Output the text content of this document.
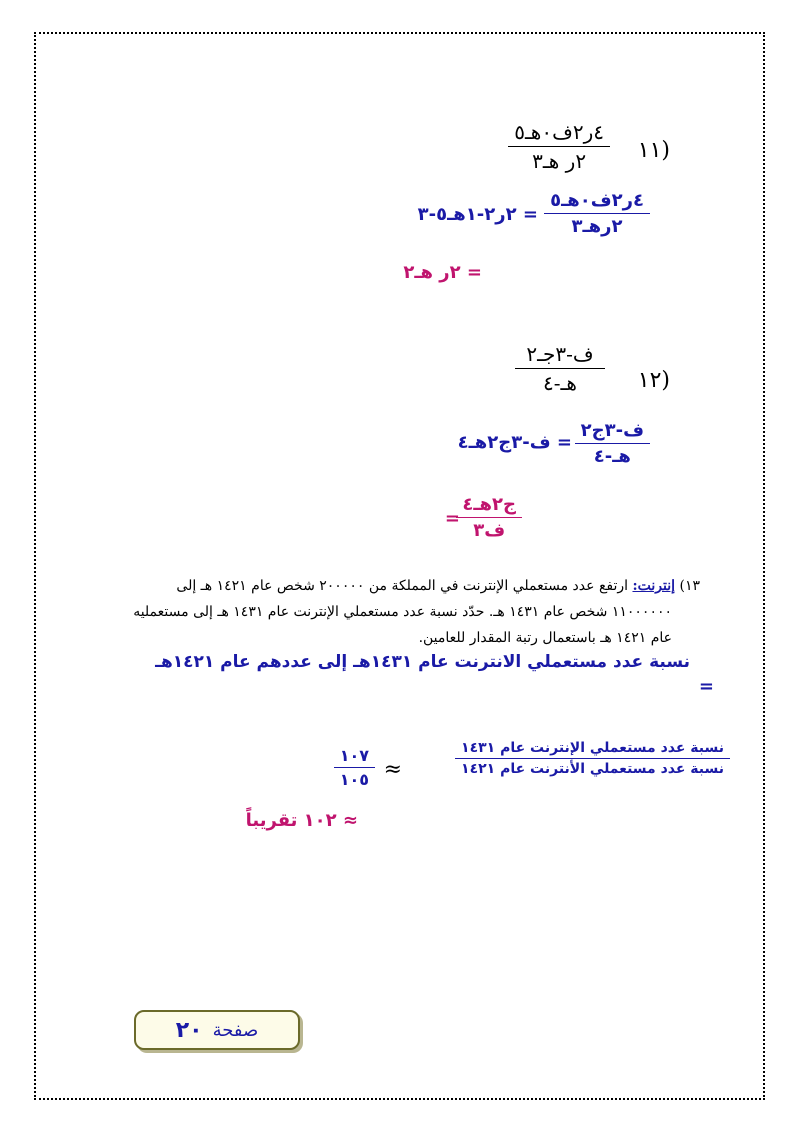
(١١
٤ر٢ف٠هـ٥
٢ر هـ٣
٤ر٢ف٠هـ٥
٢رهـ٣
= ٢ر٢-١هـ٥-٣
= ٢ر هـ٢
(١٢
ف-٣جـ٢
هـ-٤
ف-٣ج٢
هـ-٤
= ف-٣ج٢هـ٤
ج٢هـ٤
ف٣
=
١٣) إنترنت: ارتفع عدد مستعملي الإنترنت في المملكة من ٢٠٠٠٠٠ شخص عام ١٤٢١ هـ إلى
١١٠٠٠٠٠٠ شخص عام ١٤٣١ هـ. حدّد نسبة عدد مستعملي الإنترنت عام ١٤٣١ هـ إلى مستعمليه
عام ١٤٢١ هـ باستعمال رتبة المقدار للعامين.
نسبة عدد مستعملي الانترنت عام ١٤٣١هـ إلى عددهم عام ١٤٢١هـ
=
نسبة عدد مستعملي الإنترنت عام ١٤٣١
نسبة عدد مستعملي الأنترنت عام ١٤٢١
≈
١٠٧
١٠٥
≈ ١٠٢ تقريباً
صفحة
٢٠
